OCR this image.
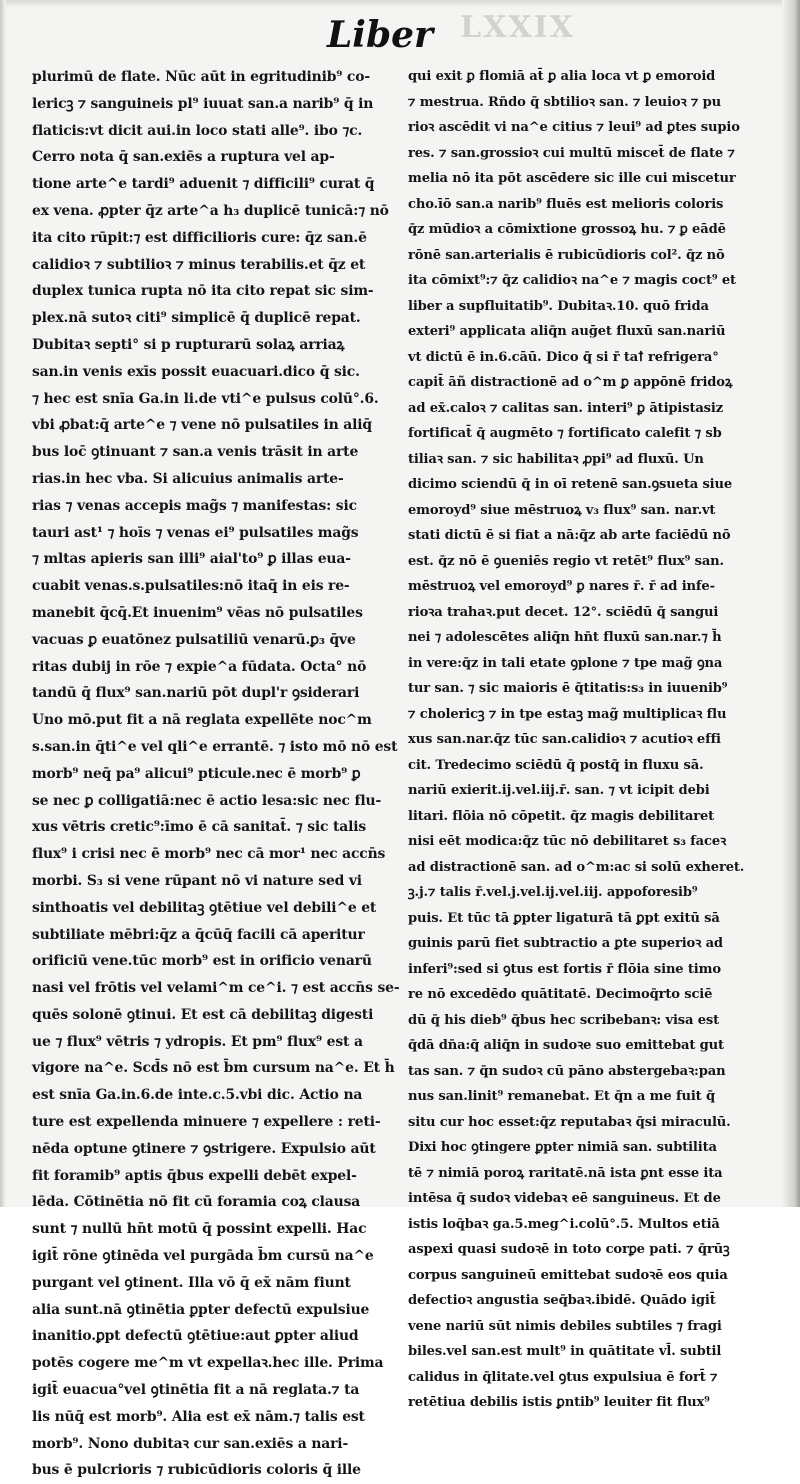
LXXIX
Liber
plurimū de flate. Nūc aūt in egritudinib⁹ co-
lericꝫ ⁊ sanguineis pl⁹ iuuat san.a narib⁹ q̄ in
flaticis:vt dicit aui.in loco stati alle⁹. ibo ⁊c.
Cerro nota q̄ san.exiēs a ruptura vel ap-
tione arte^e tardi⁹ aduenit ⁊ difficili⁹ curat q̄
ex vena. ꝓpter q̄z arte^a h₃ duplicē tunicā:⁊ nō
ita cito rūpit:⁊ est difficilioris cure: q̄z san.ē
calidioꝛ ⁊ subtilioꝛ ⁊ minus terabilis.et q̄z et
duplex tunica rupta nō ita cito repat sic sim-
plex.nā sutoꝛ citi⁹ simplicē q̄ duplicē repat.
Dubitaꝛ septi° si p rupturarū solaꝝ arriaꝝ
san.in venis exīs possit euacuari.dico q̄ sic.
⁊ hec est snīa Ga.in li.de vti^e pulsus colū°.6.
vbi ꝓbat:q̄ arte^e ⁊ vene nō pulsatiles in aliq̄
bus loc̄ ꝯtinuant ⁊ san.a venis trāsit in arte
rias.in hec vba. Si alicuius animalis arte-
rias ⁊ venas accepis mag̃s ⁊ manifestas: sic
tauri ast¹ ⁊ hoīs ⁊ venas ei⁹ pulsatiles mag̃s
⁊ mltas apieris san illi⁹ aial'to⁹ ꝑ illas eua-
cuabit venas.s.pulsatiles:nō itaq̄ in eis re-
manebit q̄cq̄.Et inuenim⁹ vēas nō pulsatiles
vacuas ꝑ euatōnez pulsatiliū venarū.ꝑ₃ q̄ve
ritas dubij in rōe ⁊ expie^a fūdata. Octa° nō
tandū q̄ flux⁹ san.nariū pōt dupl'r ꝯsiderari
Uno mō.put fit a nā reglata expellēte noc^m
s.san.in q̄ti^e vel qli^e errantē. ⁊ isto mō nō est
morb⁹ neq̄ pa⁹ alicui⁹ pticule.nec ē morb⁹ ꝑ
se nec ꝑ colligatiā:nec ē actio lesa:sic nec flu-
xus vētris cretic⁹:īmo ē cā sanitat̄. ⁊ sic talis
flux⁹ i crisi nec ē morb⁹ nec cā mor¹ nec accn̄s
morbi. S₃ si vene rūpant nō vi nature sed vi
sinthoatis vel debilitaꝫ ꝯtētiue vel debili^e et
subtiliate mēbri:q̄z a q̄cūq̄ facili cā aperitur
orificiū vene.tūc morb⁹ est in orificio venarū
nasi vel frōtis vel velami^m ce^i. ⁊ est accn̄s se-
quēs solonē ꝯtinui. Et est cā debilitaꝫ digesti
ue ⁊ flux⁹ vētris ⁊ ydropis. Et pm⁹ flux⁹ est a
vigore na^e. Scd̄s nō est b̄m cursum na^e. Et h̄
est snīa Ga.in.6.de inte.c.5.vbi dic. Actio na
ture est expellenda minuere ⁊ expellere : reti-
nēda optune ꝯtinere ⁊ ꝯstrigere. Expulsio aūt
fit foramib⁹ aptis q̄bus expelli debēt expel-
lēda. Cōtinētia nō fit cū foramia coꝝ clausa
sunt ⁊ nullū hn̄t motū q̄ possint expelli. Hac
igit̄ rōne ꝯtinēda vel purgāda b̄m cursū na^e
purgant vel ꝯtinent. Illa vō q̄ ex̄ nām fiunt
alia sunt.nā ꝯtinētia ꝑpter defectū expulsiue
inanitio.ꝑpt defectū ꝯtētiue:aut ꝑpter aliud
potēs cogere me^m vt expellaꝛ.hec ille. Prima
igit̄ euacua°vel ꝯtinētia fit a nā reglata.⁊ ta
lis nūq̄ est morb⁹. Alia est ex̄ nām.⁊ talis est
morb⁹. Nono dubitaꝛ cur san.exiēs a nari-
bus ē pulcrioris ⁊ rubicūdioris coloris q̄ ille
qui exit ꝑ flomiā at̄ ꝑ alia loca vt ꝑ emoroid
⁊ mestrua. Rn̄do q̄ sbtilioꝛ san. ⁊ leuioꝛ ⁊ pu
rioꝛ ascēdit vi na^e citius ⁊ leui⁹ ad ꝑtes supio
res. ⁊ san.grossioꝛ cui multū miscet̄ de flate ⁊
melia nō ita pōt ascēdere sic ille cui miscetur
cho.īō san.a narib⁹ fluēs est melioris coloris
q̄z mūdioꝛ a cōmixtione grossoꝝ hu. ⁊ ꝑ eādē
rōnē san.arterialis ē rubicūdioris col². q̄z nō
ita cōmixt⁹:⁊ q̄z calidioꝛ na^e ⁊ magis coct⁹ et
liber a supfluitatib⁹. Dubitaꝛ.10. quō frida
exteri⁹ applicata aliq̄n auḡet fluxū san.nariū
vt dictū ē in.6.cāū. Dico q̄ si r̄ taꝉ refrigera°
capit̄ āñ distractionē ad o^m ꝑ appōnē fridoꝝ
ad ex̄.caloꝛ ⁊ calitas san. interi⁹ ꝑ ātipistasiz
fortificat̄ q̄ augmēto ⁊ fortificato calefit ⁊ sb
tiliaꝛ san. ⁊ sic habilitaꝛ ꝓpi⁹ ad fluxū. Un
dicimo sciendū q̄ in oī retenē san.ꝯsueta siue
emoroyd⁹ siue mēstruoꝝ v₃ flux⁹ san. nar.vt
stati dictū ē si fiat a nā:q̄z ab arte faciēdū nō
est. q̄z nō ē ꝯueniēs regio vt retēt⁹ flux⁹ san.
mēstruoꝝ vel emoroyd⁹ ꝑ nares r̄. r̄ ad infe-
rioꝛa trahaꝛ.put decet. 12°. sciēdū q̄ sangui
nei ⁊ adolescētes aliq̄n hn̄t fluxū san.nar.⁊ h̄
in vere:q̄z in tali etate ꝯplone ⁊ tpe mag̃ ꝯna
tur san. ⁊ sic maioris ē q̄titatis:s₃ in iuuenib⁹
⁊ cholericꝫ ⁊ in tpe estaꝫ mag̃ multiplicaꝛ flu
xus san.nar.q̄z tūc san.calidioꝛ ⁊ acutioꝛ effi
cit. Tredecimo sciēdū q̄ postq̄ in fluxu sā.
nariū exierit.ij.vel.iij.r̄. san. ⁊ vt icipit debi
litari. flōia nō cōpetit. q̄z magis debilitaret
nisi eēt modica:q̄z tūc nō debilitaret s₃ faceꝛ
ad distractionē san. ad o^m:ac si solū exheret.
ꝫ.j.⁊ talis r̄.vel.j.vel.ij.vel.iij. appoforesib⁹
puis. Et tūc tā ꝑpter ligaturā tā ꝑpt exitū sā
guinis parū fiet subtractio a ꝑte superioꝛ ad
inferi⁹:sed si ꝯtus est fortis r̄ flōia sine timo
re nō excedēdo quātitatē. Decimoq̄rto sciē
dū q̄ his dieb⁹ q̄bus hec scribebanꝛ: visa est
q̄dā dn̄a:q̄ aliq̄n in sudoꝛe suo emittebat gut
tas san. ⁊ q̄n sudoꝛ cū pāno abstergebaꝛ:pan
nus san.linit⁹ remanebat. Et q̄n a me fuit q̄
situ cur hoc esset:q̄z reputabaꝛ q̄si miraculū.
Dixi hoc ꝯtingere ꝑpter nimiā san. subtilita
tē ⁊ nimiā poroꝝ raritatē.nā ista ꝑnt esse ita
intēsa q̄ sudoꝛ videbaꝛ eē sanguineus. Et de
istis loq̄baꝛ ga.5.meg^i.colū°.5. Multos etiā
aspexi quasi sudoꝛē in toto corꝑe pati. ⁊ q̄rūꝫ
corpus sanguineū emittebat sudoꝛē eos quia
defectioꝛ angustia seq̄baꝛ.ibidē. Quādo igit̄
vene nariū sūt nimis debiles subtiles ⁊ fragi
biles.vel san.est mult⁹ in quātitate vl̄. subtil
calidus in q̄litate.vel ꝯtus expulsiua ē fort̄ ⁊
retētiua debilis istis ꝑntib⁹ leuiter fit flux⁹
